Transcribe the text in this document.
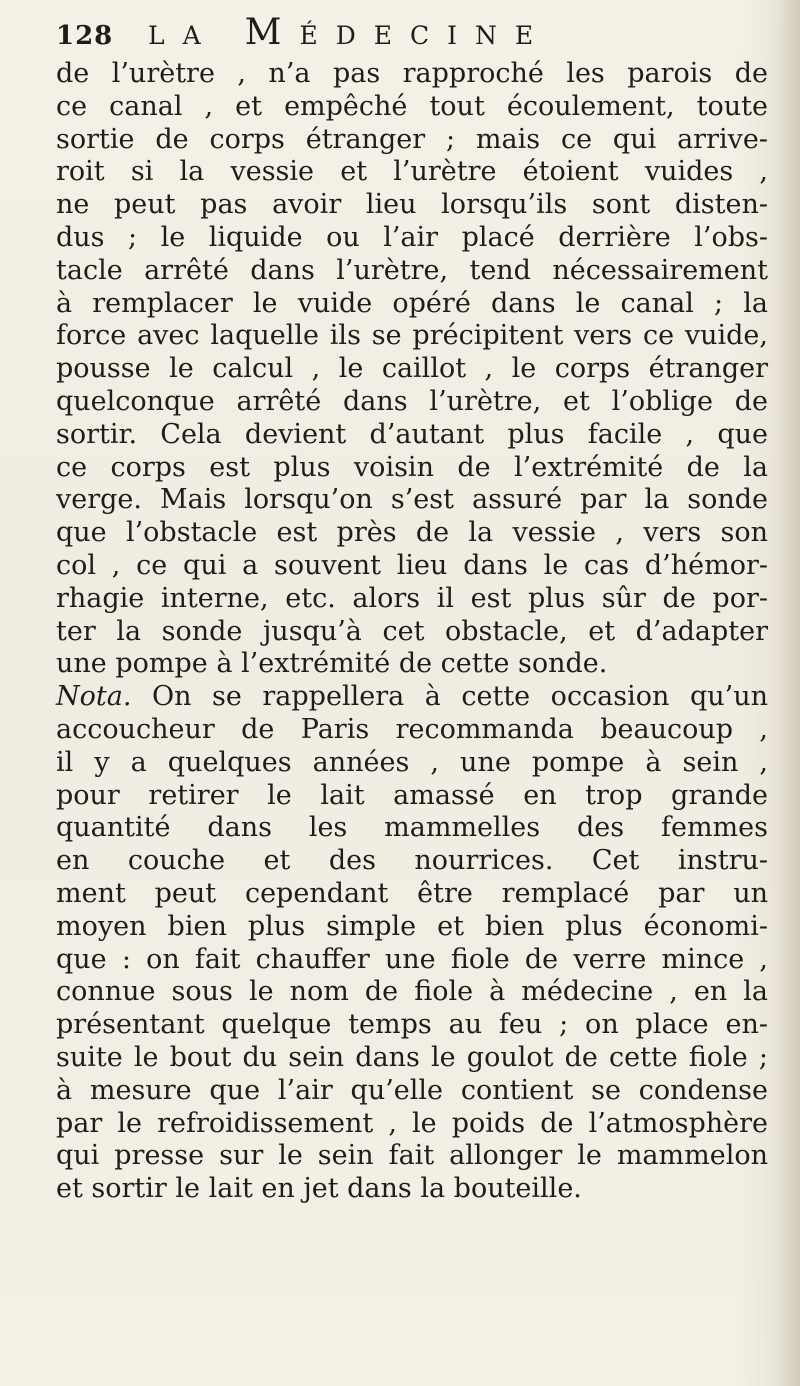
128	LA MÉDECINE
de l’urètre , n’a pas rapproché les parois de
ce canal , et empêché tout écoulement, toute
sortie de corps étranger ; mais ce qui arrive-
roit si la vessie et l’urètre étoient vuides ,
ne peut pas avoir lieu lorsqu’ils sont disten-
dus ; le liquide ou l’air placé derrière l’obs-
tacle arrêté dans l’urètre, tend nécessairement
à remplacer le vuide opéré dans le canal ; la
force avec laquelle ils se précipitent vers ce vuide,
pousse le calcul , le caillot , le corps étranger
quelconque arrêté dans l’urètre, et l’oblige de
sortir. Cela devient d’autant plus facile , que
ce corps est plus voisin de l’extrémité de la
verge. Mais lorsqu’on s’est assuré par la sonde
que l’obstacle est près de la vessie , vers son
col , ce qui a souvent lieu dans le cas d’hémor-
rhagie interne, etc. alors il est plus sûr de por-
ter la sonde jusqu’à cet obstacle, et d’adapter
une pompe à l’extrémité de cette sonde.
Nota. On se rappellera à cette occasion qu’un
accoucheur de Paris recommanda beaucoup ,
il y a quelques années , une pompe à sein ,
pour retirer le lait amassé en trop grande
quantité dans les mammelles des femmes
en couche et des nourrices. Cet instru-
ment peut cependant être remplacé par un
moyen bien plus simple et bien plus économi-
que : on fait chauffer une fiole de verre mince ,
connue sous le nom de fiole à médecine , en la
présentant quelque temps au feu ; on place en-
suite le bout du sein dans le goulot de cette fiole ;
à mesure que l’air qu’elle contient se condense
par le refroidissement , le poids de l’atmosphère
qui presse sur le sein fait allonger le mammelon
et sortir le lait en jet dans la bouteille.
